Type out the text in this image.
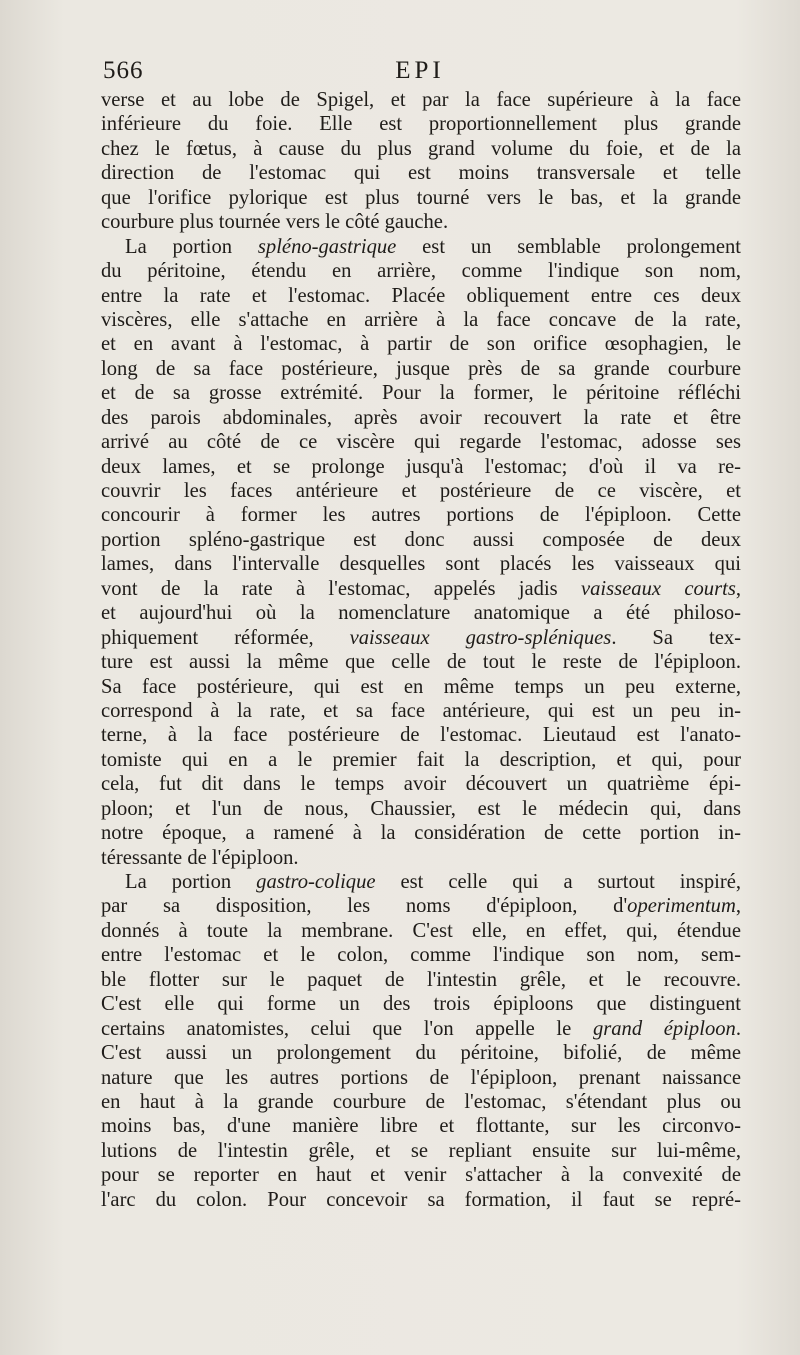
566	EPI
verse et au lobe de Spigel, et par la face supérieure à la face
inférieure du foie. Elle est proportionnellement plus grande
chez le fœtus, à cause du plus grand volume du foie, et de la
direction de l'estomac qui est moins transversale et telle
que l'orifice pylorique est plus tourné vers le bas, et la grande
courbure plus tournée vers le côté gauche.
La portion spléno-gastrique est un semblable prolongement
du péritoine, étendu en arrière, comme l'indique son nom,
entre la rate et l'estomac. Placée obliquement entre ces deux
viscères, elle s'attache en arrière à la face concave de la rate,
et en avant à l'estomac, à partir de son orifice œsophagien, le
long de sa face postérieure, jusque près de sa grande courbure
et de sa grosse extrémité. Pour la former, le péritoine réfléchi
des parois abdominales, après avoir recouvert la rate et être
arrivé au côté de ce viscère qui regarde l'estomac, adosse ses
deux lames, et se prolonge jusqu'à l'estomac; d'où il va re-
couvrir les faces antérieure et postérieure de ce viscère, et
concourir à former les autres portions de l'épiploon. Cette
portion spléno-gastrique est donc aussi composée de deux
lames, dans l'intervalle desquelles sont placés les vaisseaux qui
vont de la rate à l'estomac, appelés jadis vaisseaux courts,
et aujourd'hui où la nomenclature anatomique a été philoso-
phiquement réformée, vaisseaux gastro-spléniques. Sa tex-
ture est aussi la même que celle de tout le reste de l'épiploon.
Sa face postérieure, qui est en même temps un peu externe,
correspond à la rate, et sa face antérieure, qui est un peu in-
terne, à la face postérieure de l'estomac. Lieutaud est l'anato-
tomiste qui en a le premier fait la description, et qui, pour
cela, fut dit dans le temps avoir découvert un quatrième épi-
ploon; et l'un de nous, Chaussier, est le médecin qui, dans
notre époque, a ramené à la considération de cette portion in-
téressante de l'épiploon.
La portion gastro-colique est celle qui a surtout inspiré,
par sa disposition, les noms d'épiploon, d'operimentum,
donnés à toute la membrane. C'est elle, en effet, qui, étendue
entre l'estomac et le colon, comme l'indique son nom, sem-
ble flotter sur le paquet de l'intestin grêle, et le recouvre.
C'est elle qui forme un des trois épiploons que distinguent
certains anatomistes, celui que l'on appelle le grand épiploon.
C'est aussi un prolongement du péritoine, bifolié, de même
nature que les autres portions de l'épiploon, prenant naissance
en haut à la grande courbure de l'estomac, s'étendant plus ou
moins bas, d'une manière libre et flottante, sur les circonvo-
lutions de l'intestin grêle, et se repliant ensuite sur lui-même,
pour se reporter en haut et venir s'attacher à la convexité de
l'arc du colon. Pour concevoir sa formation, il faut se repré-
